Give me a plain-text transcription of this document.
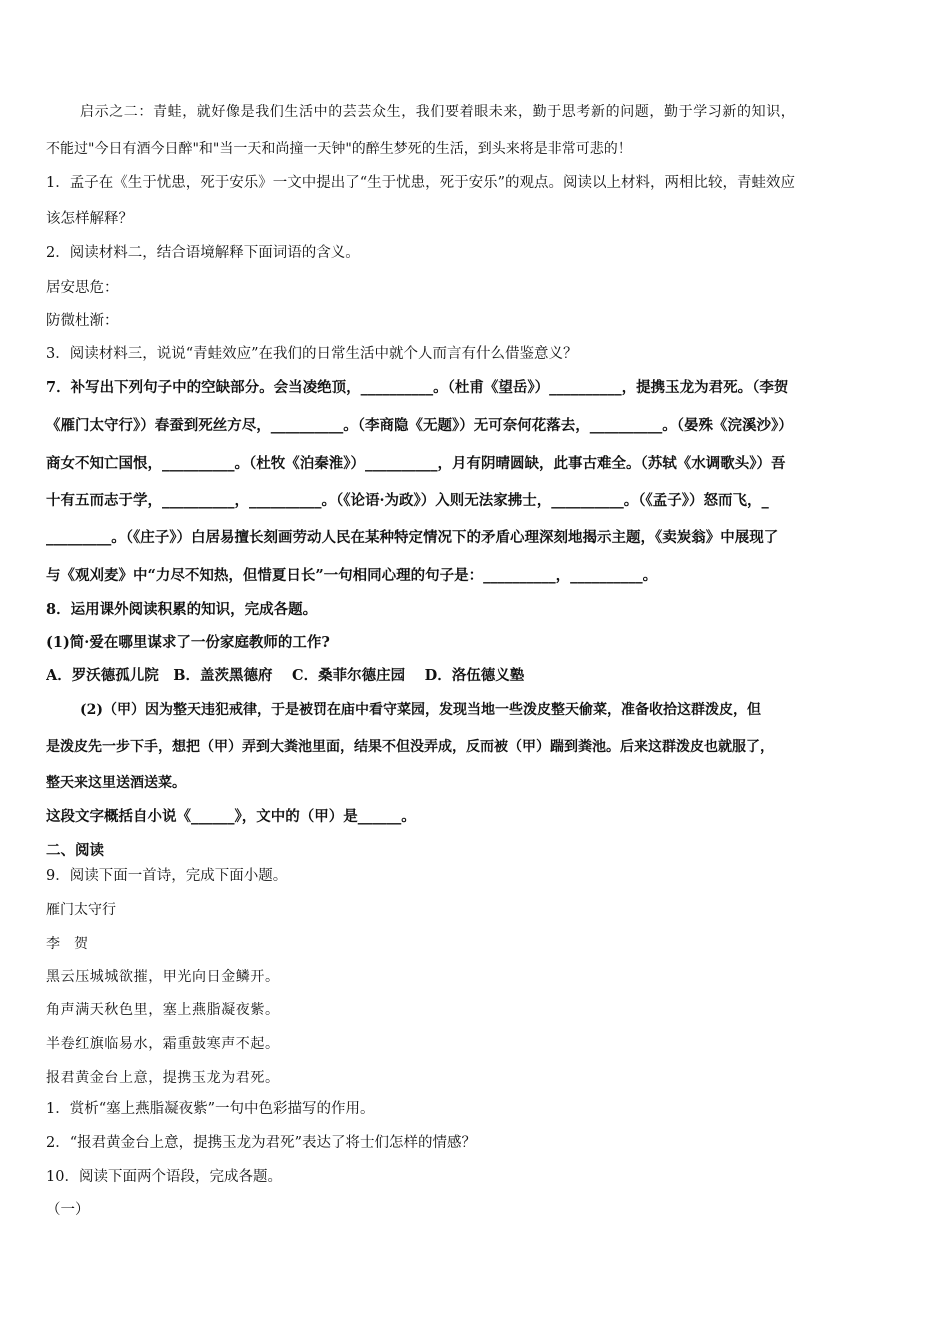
启示之二：青蛙，就好像是我们生活中的芸芸众生，我们要着眼未来，勤于思考新的问题，勤于学习新的知识，
不能过"今日有酒今日醉"和"当一天和尚撞一天钟"的醉生梦死的生活，到头来将是非常可悲的！
1．孟子在《生于忧患，死于安乐》一文中提出了“生于忧患，死于安乐”的观点。阅读以上材料，两相比较，青蛙效应
该怎样解释？
2．阅读材料二，结合语境解释下面词语的含义。
居安思危：
防微杜渐：
3．阅读材料三，说说“青蛙效应”在我们的日常生活中就个人而言有什么借鉴意义？
7．补写出下列句子中的空缺部分。会当凌绝顶，__________。（杜甫《望岳》）__________，提携玉龙为君死。（李贺
《雁门太守行》）春蚕到死丝方尽，__________。（李商隐《无题》）无可奈何花落去，__________。（晏殊《浣溪沙》）
商女不知亡国恨，__________。（杜牧《泊秦淮》）__________，月有阴晴圆缺，此事古难全。（苏轼《水调歌头》）吾
十有五而志于学，__________，__________。（《论语·为政》）入则无法家拂士，__________。（《孟子》）怒而飞，_
_________。（《庄子》）白居易擅长刻画劳动人民在某种特定情况下的矛盾心理深刻地揭示主题，《卖炭翁》中展现了
与《观刈麦》中“力尽不知热，但惜夏日长”一句相同心理的句子是：__________，__________。
8．运用课外阅读积累的知识，完成各题。
(1)简·爱在哪里谋求了一份家庭教师的工作?
A．罗沃德孤儿院　B．盖茨黑德府　 C．桑菲尔德庄园　 D．洛伍德义塾
(2)（甲）因为整天违犯戒律，于是被罚在庙中看守菜园，发现当地一些泼皮整天偷菜，准备收拾这群泼皮，但
是泼皮先一步下手，想把（甲）弄到大粪池里面，结果不但没弄成，反而被（甲）踹到粪池。后来这群泼皮也就服了，
整天来这里送酒送菜。
这段文字概括自小说《______》，文中的（甲）是______。
二、阅读
9．阅读下面一首诗，完成下面小题。
雁门太守行
李　贺
黑云压城城欲摧，甲光向日金鳞开。
角声满天秋色里，塞上燕脂凝夜紫。
半卷红旗临易水，霜重鼓寒声不起。
报君黄金台上意，提携玉龙为君死。
1．赏析“塞上燕脂凝夜紫”一句中色彩描写的作用。
2．“报君黄金台上意，提携玉龙为君死”表达了将士们怎样的情感？
10．阅读下面两个语段，完成各题。
（一）
